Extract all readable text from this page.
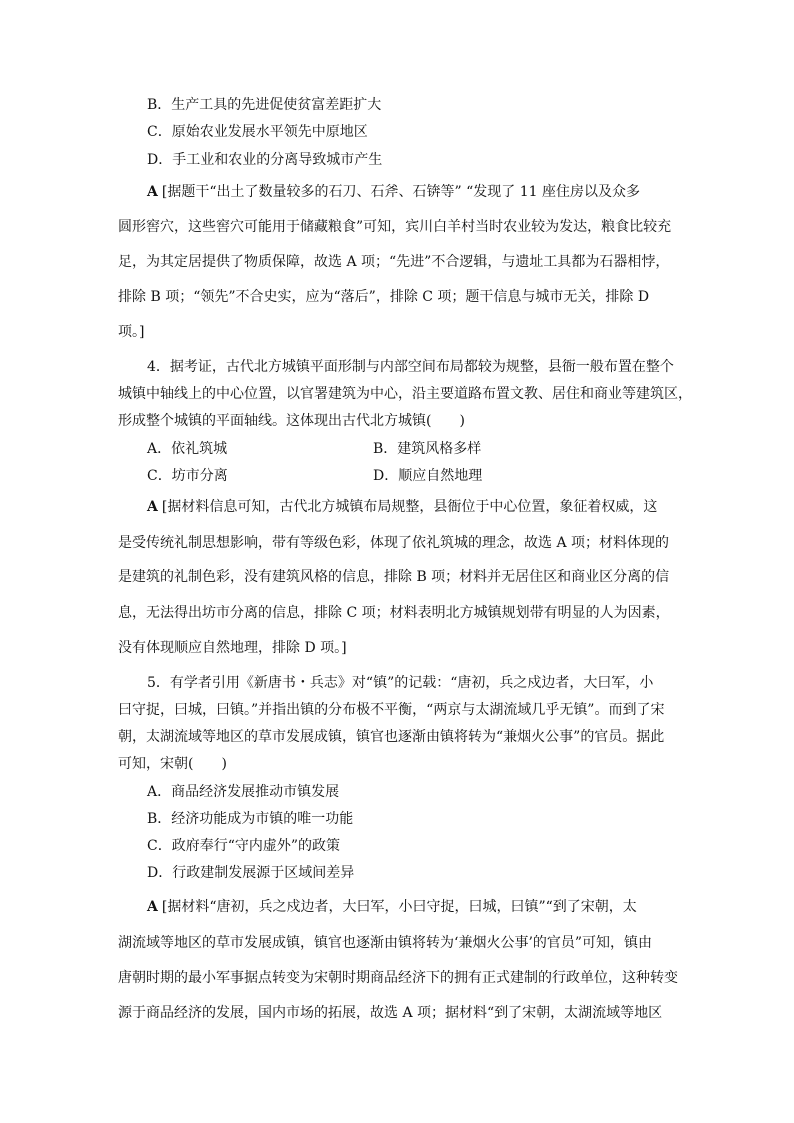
B．生产工具的先进促使贫富差距扩大
C．原始农业发展水平领先中原地区
D．手工业和农业的分离导致城市产生
A [据题干“出土了数量较多的石刀、石斧、石锛等” “发现了 11 座住房以及众多
圆形窖穴，这些窖穴可能用于储藏粮食”可知，宾川白羊村当时农业较为发达，粮食比较充
足，为其定居提供了物质保障，故选 A 项；“先进”不合逻辑，与遗址工具都为石器相悖，
排除 B 项；“领先”不合史实，应为“落后”，排除 C 项；题干信息与城市无关，排除 D
项。]
4．据考证，古代北方城镇平面形制与内部空间布局都较为规整，县衙一般布置在整个
城镇中轴线上的中心位置，以官署建筑为中心，沿主要道路布置文教、居住和商业等建筑区，
形成整个城镇的平面轴线。这体现出古代北方城镇(　　)
A．依礼筑城	B．建筑风格多样
C．坊市分离	D．顺应自然地理
A [据材料信息可知，古代北方城镇布局规整，县衙位于中心位置，象征着权威，这
是受传统礼制思想影响，带有等级色彩，体现了依礼筑城的理念，故选 A 项；材料体现的
是建筑的礼制色彩，没有建筑风格的信息，排除 B 项；材料并无居住区和商业区分离的信
息，无法得出坊市分离的信息，排除 C 项；材料表明北方城镇规划带有明显的人为因素，
没有体现顺应自然地理，排除 D 项。]
5．有学者引用《新唐书・兵志》对“镇”的记载：“唐初，兵之戍边者，大曰军，小
曰守捉，曰城，曰镇。”并指出镇的分布极不平衡，“两京与太湖流域几乎无镇”。而到了宋
朝，太湖流域等地区的草市发展成镇，镇官也逐渐由镇将转为“兼烟火公事”的官员。据此
可知，宋朝(　　)
A．商品经济发展推动市镇发展
B．经济功能成为市镇的唯一功能
C．政府奉行“守内虚外”的政策
D．行政建制发展源于区域间差异
A [据材料“唐初，兵之戍边者，大曰军，小曰守捉，曰城，曰镇”“到了宋朝，太
湖流域等地区的草市发展成镇，镇官也逐渐由镇将转为‘兼烟火公事’的官员”可知，镇由
唐朝时期的最小军事据点转变为宋朝时期商品经济下的拥有正式建制的行政单位，这种转变
源于商品经济的发展，国内市场的拓展，故选 A 项；据材料“到了宋朝，太湖流域等地区
